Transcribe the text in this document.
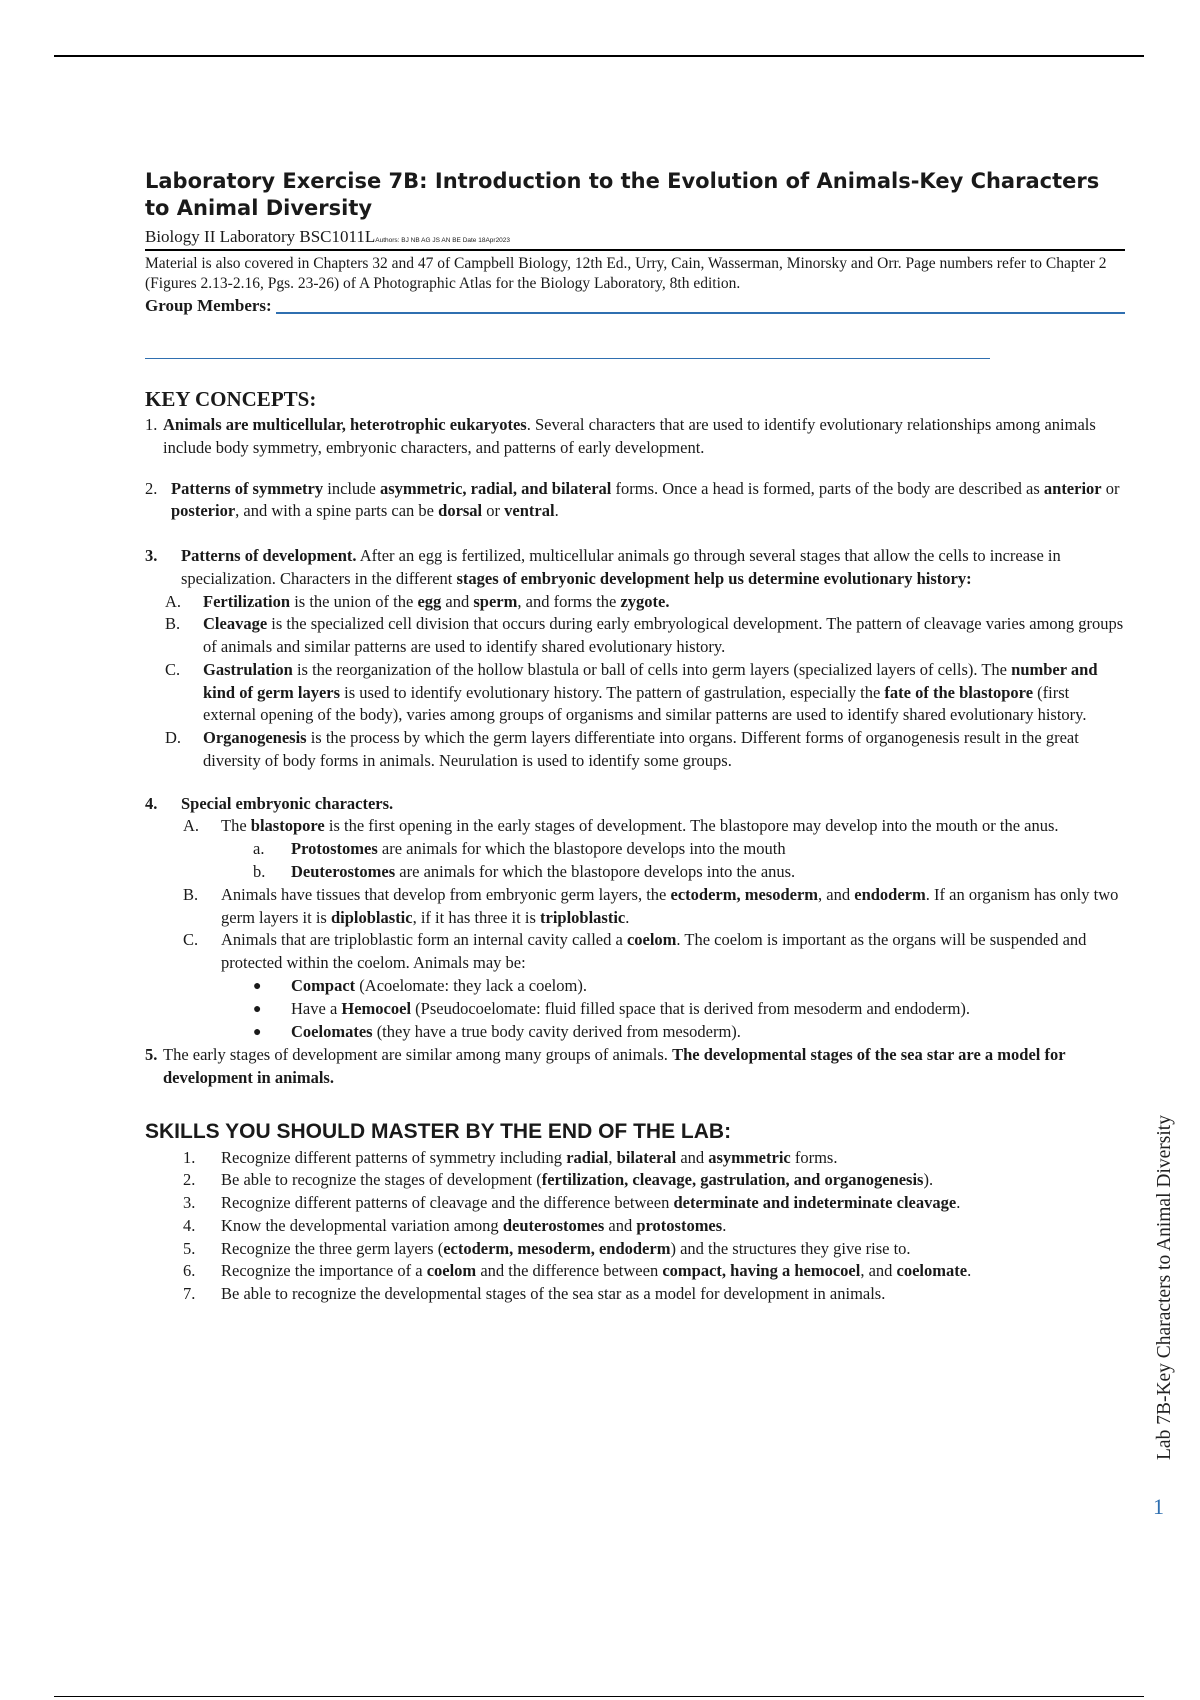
Laboratory Exercise 7B: Introduction to the Evolution of Animals-Key Characters to Animal Diversity
Biology II Laboratory BSC1011LAuthors: BJ NB AG JS AN BE Date 18Apr2023
Material is also covered in Chapters 32 and 47 of Campbell Biology, 12th Ed., Urry, Cain, Wasserman, Minorsky and Orr. Page numbers refer to Chapter 2 (Figures 2.13-2.16, Pgs. 23-26) of A Photographic Atlas for the Biology Laboratory, 8th edition.
Group Members:
KEY CONCEPTS:
1. Animals are multicellular, heterotrophic eukaryotes. Several characters that are used to identify evolutionary relationships among animals include body symmetry, embryonic characters, and patterns of early development.
2. Patterns of symmetry include asymmetric, radial, and bilateral forms. Once a head is formed, parts of the body are described as anterior or posterior, and with a spine parts can be dorsal or ventral.
3.	Patterns of development. After an egg is fertilized, multicellular animals go through several stages that allow the cells to increase in specialization. Characters in the different stages of embryonic development help us determine evolutionary history:
A.	Fertilization is the union of the egg and sperm, and forms the zygote.
B.	Cleavage is the specialized cell division that occurs during early embryological development. The pattern of cleavage varies among groups of animals and similar patterns are used to identify shared evolutionary history.
C.	Gastrulation is the reorganization of the hollow blastula or ball of cells into germ layers (specialized layers of cells). The number and kind of germ layers is used to identify evolutionary history. The pattern of gastrulation, especially the fate of the blastopore (first external opening of the body), varies among groups of organisms and similar patterns are used to identify shared evolutionary history.
D.	Organogenesis is the process by which the germ layers differentiate into organs. Different forms of organogenesis result in the great diversity of body forms in animals. Neurulation is used to identify some groups.
4.	Special embryonic characters.
A.	The blastopore is the first opening in the early stages of development. The blastopore may develop into the mouth or the anus.
a.	Protostomes are animals for which the blastopore develops into the mouth
b.	Deuterostomes are animals for which the blastopore develops into the anus.
B.	Animals have tissues that develop from embryonic germ layers, the ectoderm, mesoderm, and endoderm. If an organism has only two germ layers it is diploblastic, if it has three it is triploblastic.
C.	Animals that are triploblastic form an internal cavity called a coelom. The coelom is important as the organs will be suspended and protected within the coelom. Animals may be:
●	Compact (Acoelomate: they lack a coelom).
●	Have a Hemocoel (Pseudocoelomate: fluid filled space that is derived from mesoderm and endoderm).
●	Coelomates (they have a true body cavity derived from mesoderm).
5. The early stages of development are similar among many groups of animals. The developmental stages of the sea star are a model for development in animals.
SKILLS YOU SHOULD MASTER BY THE END OF THE LAB:
1.	Recognize different patterns of symmetry including radial, bilateral and asymmetric forms.
2.	Be able to recognize the stages of development (fertilization, cleavage, gastrulation, and organogenesis).
3.	Recognize different patterns of cleavage and the difference between determinate and indeterminate cleavage.
4.	Know the developmental variation among deuterostomes and protostomes.
5.	Recognize the three germ layers (ectoderm, mesoderm, endoderm) and the structures they give rise to.
6.	Recognize the importance of a coelom and the difference between compact, having a hemocoel, and coelomate.
7.	Be able to recognize the developmental stages of the sea star as a model for development in animals.	Lab 7B-Key Characters to Animal Diversity
1
